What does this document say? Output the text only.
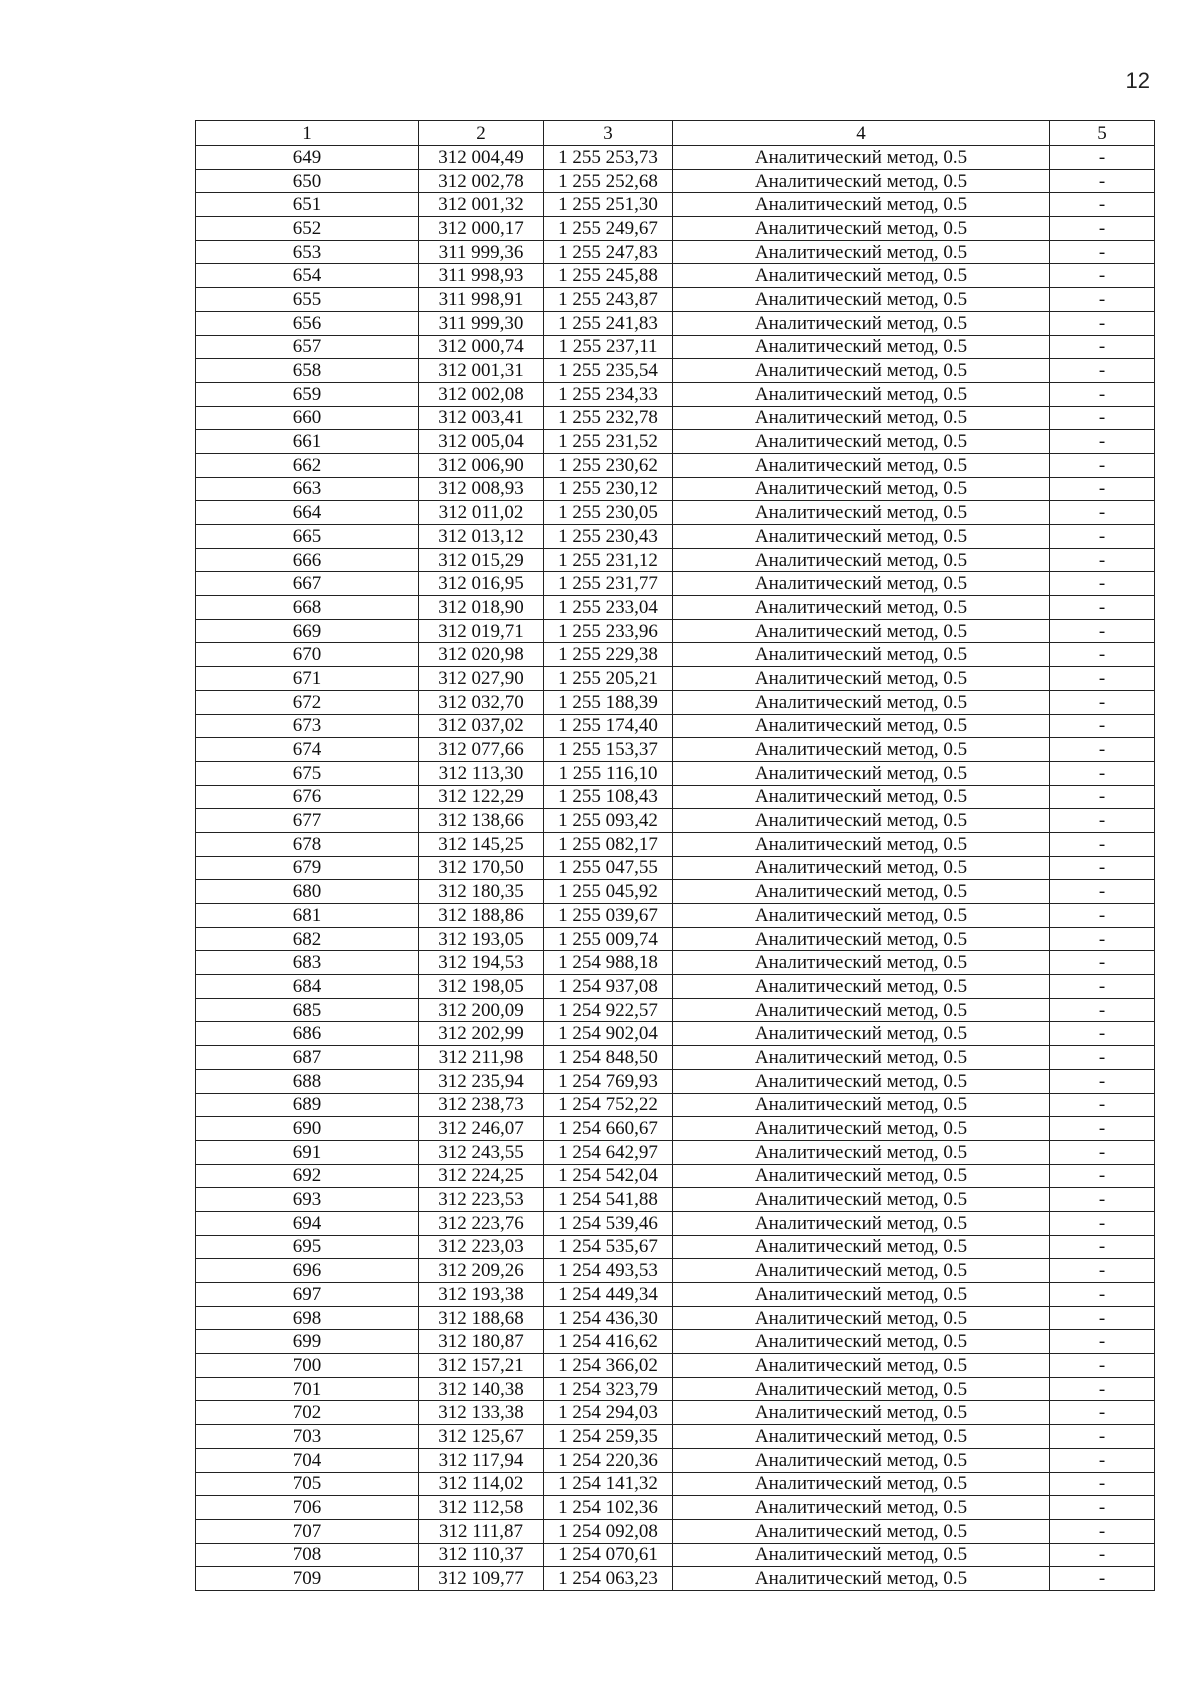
12
1	2	3	4	5
649	312 004,49	1 255 253,73	Аналитический метод, 0.5	-
650	312 002,78	1 255 252,68	Аналитический метод, 0.5	-
651	312 001,32	1 255 251,30	Аналитический метод, 0.5	-
652	312 000,17	1 255 249,67	Аналитический метод, 0.5	-
653	311 999,36	1 255 247,83	Аналитический метод, 0.5	-
654	311 998,93	1 255 245,88	Аналитический метод, 0.5	-
655	311 998,91	1 255 243,87	Аналитический метод, 0.5	-
656	311 999,30	1 255 241,83	Аналитический метод, 0.5	-
657	312 000,74	1 255 237,11	Аналитический метод, 0.5	-
658	312 001,31	1 255 235,54	Аналитический метод, 0.5	-
659	312 002,08	1 255 234,33	Аналитический метод, 0.5	-
660	312 003,41	1 255 232,78	Аналитический метод, 0.5	-
661	312 005,04	1 255 231,52	Аналитический метод, 0.5	-
662	312 006,90	1 255 230,62	Аналитический метод, 0.5	-
663	312 008,93	1 255 230,12	Аналитический метод, 0.5	-
664	312 011,02	1 255 230,05	Аналитический метод, 0.5	-
665	312 013,12	1 255 230,43	Аналитический метод, 0.5	-
666	312 015,29	1 255 231,12	Аналитический метод, 0.5	-
667	312 016,95	1 255 231,77	Аналитический метод, 0.5	-
668	312 018,90	1 255 233,04	Аналитический метод, 0.5	-
669	312 019,71	1 255 233,96	Аналитический метод, 0.5	-
670	312 020,98	1 255 229,38	Аналитический метод, 0.5	-
671	312 027,90	1 255 205,21	Аналитический метод, 0.5	-
672	312 032,70	1 255 188,39	Аналитический метод, 0.5	-
673	312 037,02	1 255 174,40	Аналитический метод, 0.5	-
674	312 077,66	1 255 153,37	Аналитический метод, 0.5	-
675	312 113,30	1 255 116,10	Аналитический метод, 0.5	-
676	312 122,29	1 255 108,43	Аналитический метод, 0.5	-
677	312 138,66	1 255 093,42	Аналитический метод, 0.5	-
678	312 145,25	1 255 082,17	Аналитический метод, 0.5	-
679	312 170,50	1 255 047,55	Аналитический метод, 0.5	-
680	312 180,35	1 255 045,92	Аналитический метод, 0.5	-
681	312 188,86	1 255 039,67	Аналитический метод, 0.5	-
682	312 193,05	1 255 009,74	Аналитический метод, 0.5	-
683	312 194,53	1 254 988,18	Аналитический метод, 0.5	-
684	312 198,05	1 254 937,08	Аналитический метод, 0.5	-
685	312 200,09	1 254 922,57	Аналитический метод, 0.5	-
686	312 202,99	1 254 902,04	Аналитический метод, 0.5	-
687	312 211,98	1 254 848,50	Аналитический метод, 0.5	-
688	312 235,94	1 254 769,93	Аналитический метод, 0.5	-
689	312 238,73	1 254 752,22	Аналитический метод, 0.5	-
690	312 246,07	1 254 660,67	Аналитический метод, 0.5	-
691	312 243,55	1 254 642,97	Аналитический метод, 0.5	-
692	312 224,25	1 254 542,04	Аналитический метод, 0.5	-
693	312 223,53	1 254 541,88	Аналитический метод, 0.5	-
694	312 223,76	1 254 539,46	Аналитический метод, 0.5	-
695	312 223,03	1 254 535,67	Аналитический метод, 0.5	-
696	312 209,26	1 254 493,53	Аналитический метод, 0.5	-
697	312 193,38	1 254 449,34	Аналитический метод, 0.5	-
698	312 188,68	1 254 436,30	Аналитический метод, 0.5	-
699	312 180,87	1 254 416,62	Аналитический метод, 0.5	-
700	312 157,21	1 254 366,02	Аналитический метод, 0.5	-
701	312 140,38	1 254 323,79	Аналитический метод, 0.5	-
702	312 133,38	1 254 294,03	Аналитический метод, 0.5	-
703	312 125,67	1 254 259,35	Аналитический метод, 0.5	-
704	312 117,94	1 254 220,36	Аналитический метод, 0.5	-
705	312 114,02	1 254 141,32	Аналитический метод, 0.5	-
706	312 112,58	1 254 102,36	Аналитический метод, 0.5	-
707	312 111,87	1 254 092,08	Аналитический метод, 0.5	-
708	312 110,37	1 254 070,61	Аналитический метод, 0.5	-
709	312 109,77	1 254 063,23	Аналитический метод, 0.5	-
